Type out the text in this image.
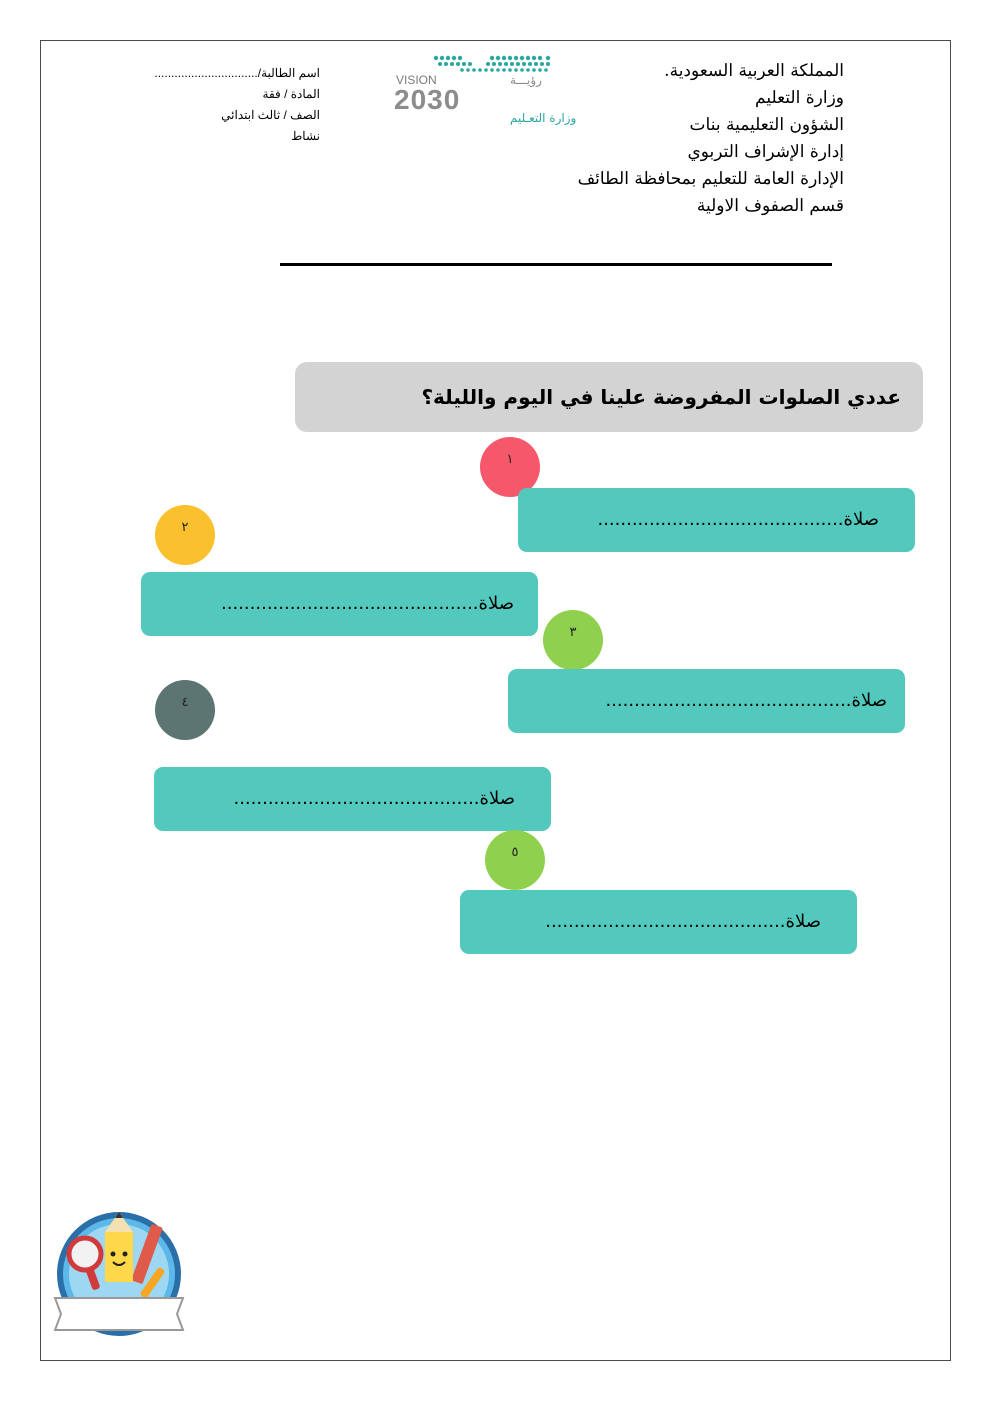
المملكة العربية السعودية.
وزارة التعليم
الشؤون التعليمية بنات
إدارة الإشراف التربوي
الإدارة العامة للتعليم بمحافظة الطائف
قسم الصفوف الاولية
VISION	رؤيـــة
2030
وزارة التعـليم
اسم الطالبة/...............................
المادة / فقة
الصف / ثالث ابتدائي
نشاط
عددي الصلوات المفروضة علينا في اليوم والليلة؟
١
صلاة...........................................
٢
صلاة.............................................
٣
صلاة...........................................
٤
صلاة...........................................
٥
صلاة..........................................
